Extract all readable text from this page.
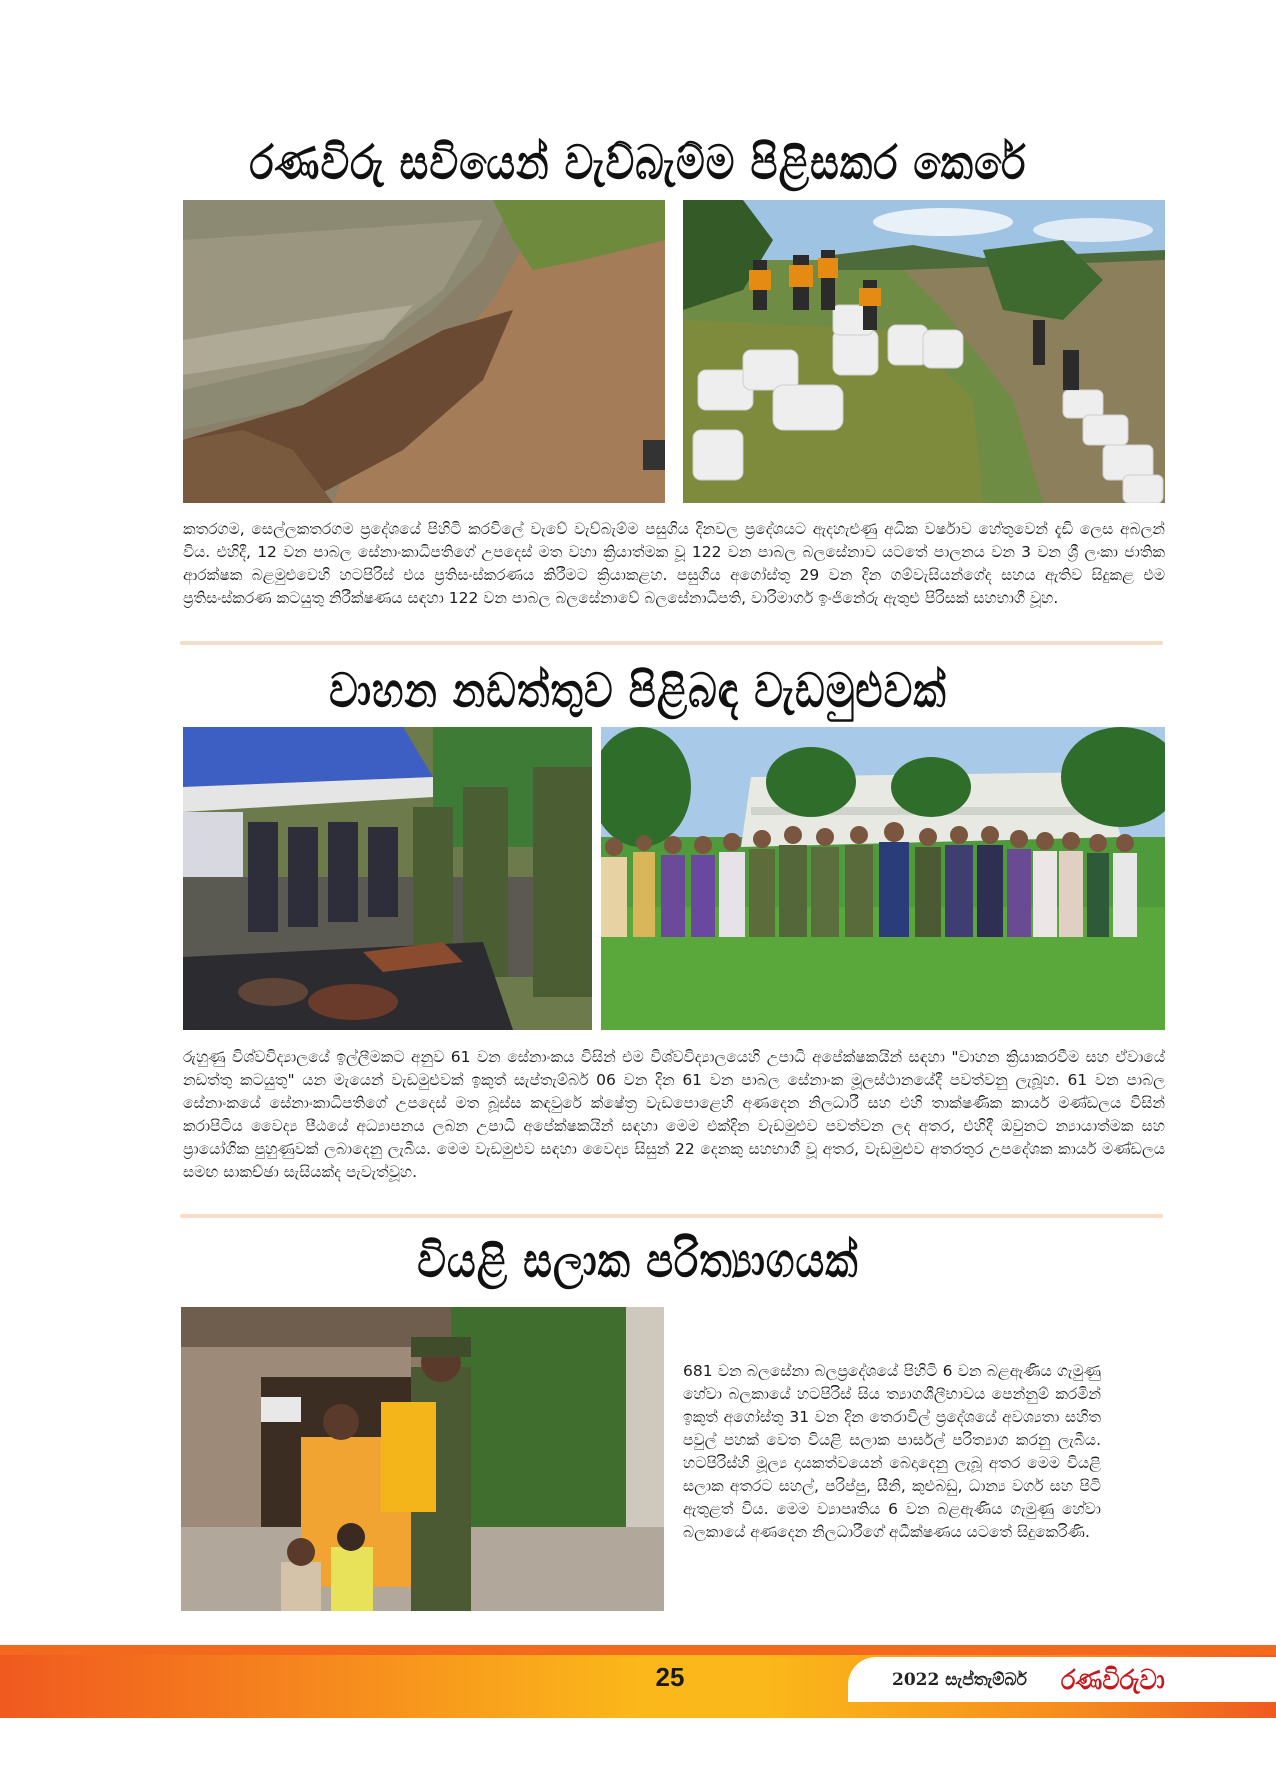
රණවිරු සවියෙන් වැව්බැම්ම පිළිසකර කෙරේ
කතරගම, සෙල්ලකතරගම ප්‍රදේශයේ පිහිටි කරවිලේ වැවේ වැව්බැම්ම පසුගිය දිනවල ප්‍රදේශයට ඇදහැළුණු අධික වර්ෂාව හේතුවෙන් දැඩි ලෙස අබලන් විය. එහිදී, 12 වන පාබල සේනාංකාධිපතිගේ උපදෙස් මත වහා ක්‍රියාත්මක වූ 122 වන පාබල බලසේනාව යටතේ පාලනය වන 3 වන ශ්‍රී ලංකා ජාතික ආරක්ෂක බළමුළුවෙහි හටපිරිස් එය ප්‍රතිසංස්කරණය කිරීමට ක්‍රියාකළහ. පසුගිය අගෝස්තු 29 වන දින ගම්වැසියන්ගේද සහය ඇතිව සිදුකළ එම ප්‍රතිසංස්කරණ කටයුතු නිරීක්ෂණය සඳහා 122 වන පාබල බලසේනාවේ බලසේනාධිපති, වාරිමාර්ග ඉංජිනේරු ඇතුළු පිරිසක් සහභාගී වූහ.
වාහන නඩත්තුව පිළිබඳ වැඩමුළුවක්
රුහුණු විශ්වවිද්‍යාලයේ ඉල්ලීමකට අනුව 61 වන සේනාංකය විසින් එම විශ්වවිද්‍යාලයෙහි උපාධි අපේක්ෂකයින් සඳහා "වාහන ක්‍රියාකරවීම සහ ඒවායේ නඩත්තු කටයුතු" යන මැයෙන් වැඩමුළුවක් ඉකුත් සැප්තැම්බර් 06 වන දින 61 වන පාබල සේනාංක මූලස්ථානයේදී පවත්වනු ලැබූහ. 61 වන පාබල සේනාංකයේ සේනාංකාධිපතිගේ උපදෙස් මත බූස්ස කඳවුරේ ක්ෂේත්‍ර වැඩපොළෙහි අණදෙන නිලධාරී සහ එහි තාක්ෂණික කාර්ය මණ්ඩලය විසින් කරාපිටිය වෛද්‍ය පීඨයේ අධ්‍යාපනය ලබන උපාධි අපේක්ෂකයින් සඳහා මෙම එක්දින වැඩමුළුව පවත්වන ලද අතර, එහිදී ඔවුනට න්‍යායාත්මක සහ ප්‍රායෝගික පුහුණුවක් ලබාදෙනු ලැබීය. මෙම වැඩමුළුව සඳහා වෛද්‍ය සිසුන් 22 දෙනකු සහභාගී වූ අතර, වැඩමුළුව අතරතුර උපදේශක කාර්ය මණ්ඩලය සමඟ සාකච්ඡා සැසියක්ද පැවැත්වූහ.
වියළි සලාක පරිත්‍යාගයක්
681 වන බලසේනා බලප්‍රදේශයේ පිහිටි 6 වන බළඇණිය ගැමුණු හේවා බලකායේ හටපිරිස් සිය ත්‍යාගශීලීභාවය පෙන්නුම් කරමින් ඉකුත් අගෝස්තු 31 වන දින තෙරාවිල් ප්‍රදේශයේ අවශ්‍යතා සහිත පවුල් පහක් වෙත වියළි සලාක පාර්සල් පරිත්‍යාග කරනු ලැබීය. හටපිරිස්හි මූල්‍ය දායකත්වයෙන් බෙදාදෙනු ලැබූ අතර මෙම වියළි සලාක අතරට සහල්, පරිප්පු, සීනි, කුළුබඩු, ධාන්‍ය වර්ග සහ පිටි ඇතුළත් විය. මෙම ව්‍යාපෘතිය 6 වන බළඇණිය ගැමුණු හේවා බලකායේ අණදෙන නිලධාරීගේ අධීක්ෂණය යටතේ සිදුකෙරිණි.
25	2022 සැප්තැම්බර් රණවිරුවා
